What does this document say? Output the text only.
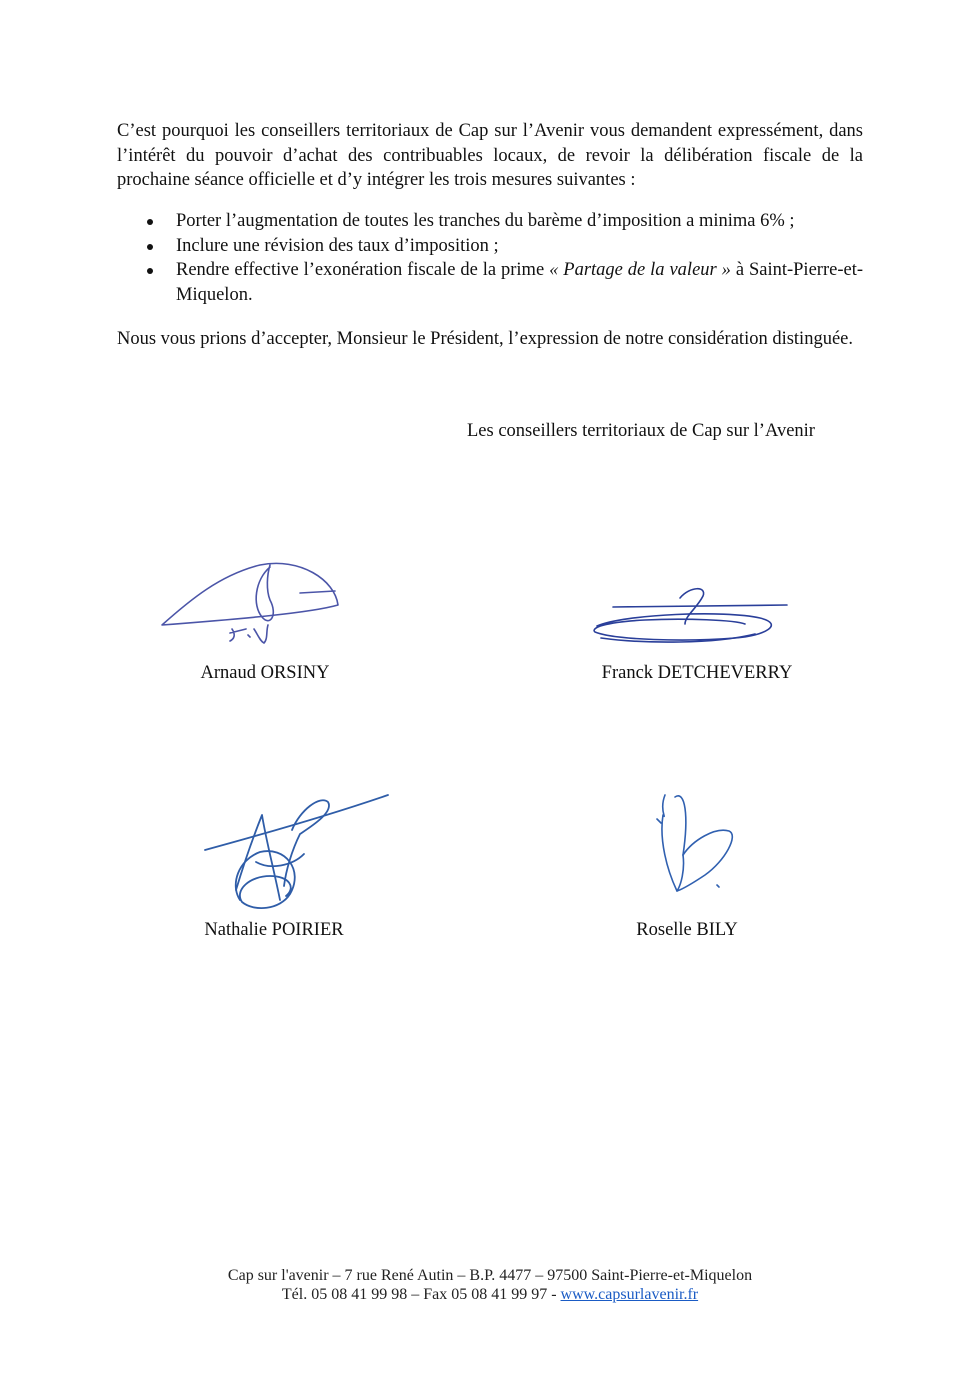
C’est pourquoi les conseillers territoriaux de Cap sur l’Avenir vous demandent expressément, dans l’intérêt du pouvoir d’achat des contribuables locaux, de revoir la délibération fiscale de la prochaine séance officielle et d’y intégrer les trois mesures suivantes :

Porter l’augmentation de toutes les tranches du barème d’imposition a minima 6% ;
Inclure une révision des taux d’imposition ;
Rendre effective l’exonération fiscale de la prime « Partage de la valeur » à Saint-Pierre-et-Miquelon.

Nous vous prions d’accepter, Monsieur le Président, l’expression de notre considération distinguée.

Les conseillers territoriaux de Cap sur l’Avenir
Arnaud ORSINY	Franck DETCHEVERRY
Nathalie POIRIER	Roselle BILY
Cap sur l'avenir – 7 rue René Autin – B.P. 4477 – 97500 Saint-Pierre-et-Miquelon
Tél. 05 08 41 99 98 – Fax 05 08 41 99 97 - www.capsurlavenir.fr
